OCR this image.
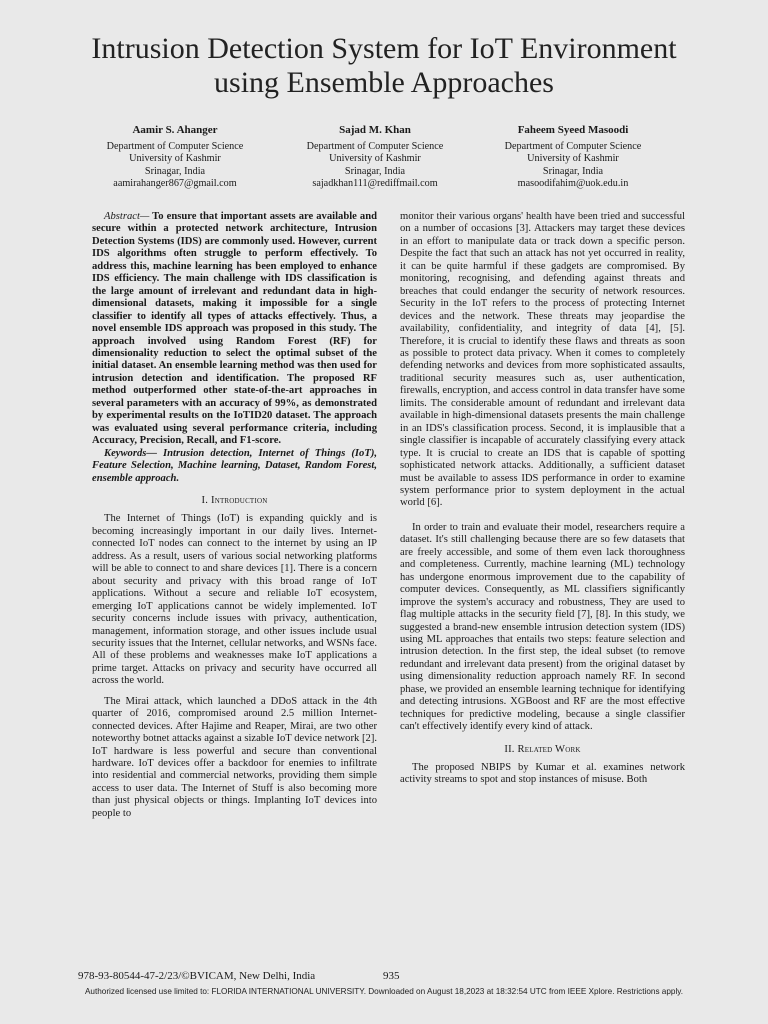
Intrusion Detection System for IoT Environment
using Ensemble Approaches
Aamir S. Ahanger
Department of Computer Science
University of Kashmir
Srinagar, India
aamirahanger867@gmail.com
Sajad M. Khan
Department of Computer Science
University of Kashmir
Srinagar, India
sajadkhan111@rediffmail.com
Faheem Syeed Masoodi
Department of Computer Science
University of Kashmir
Srinagar, India
masoodifahim@uok.edu.in

Abstract— To ensure that important assets are available and secure within a protected network architecture, Intrusion Detection Systems (IDS) are commonly used. However, current IDS algorithms often struggle to perform effectively. To address this, machine learning has been employed to enhance IDS efficiency. The main challenge with IDS classification is the large amount of irrelevant and redundant data in high-dimensional datasets, making it impossible for a single classifier to identify all types of attacks effectively. Thus, a novel ensemble IDS approach was proposed in this study. The approach involved using Random Forest (RF) for dimensionality reduction to select the optimal subset of the initial dataset. An ensemble learning method was then used for intrusion detection and identification. The proposed RF method outperformed other state-of-the-art approaches in several parameters with an accuracy of 99%, as demonstrated by experimental results on the IoTID20 dataset. The approach was evaluated using several performance criteria, including Accuracy, Precision, Recall, and F1-score.

Keywords— Intrusion detection, Internet of Things (IoT), Feature Selection, Machine learning, Dataset, Random Forest, ensemble approach.

I. Introduction

The Internet of Things (IoT) is expanding quickly and is becoming increasingly important in our daily lives. Internet-connected IoT nodes can connect to the internet by using an IP address. As a result, users of various social networking platforms will be able to connect to and share devices [1]. There is a concern about security and privacy with this broad range of IoT applications. Without a secure and reliable IoT ecosystem, emerging IoT applications cannot be widely implemented. IoT security concerns include issues with privacy, authentication, management, information storage, and other issues include usual security issues that the Internet, cellular networks, and WSNs face. All of these problems and weaknesses make IoT applications a prime target. Attacks on privacy and security have occurred all across the world.

The Mirai attack, which launched a DDoS attack in the 4th quarter of 2016, compromised around 2.5 million Internet-connected devices. After Hajime and Reaper, Mirai, are two other noteworthy botnet attacks against a sizable IoT device network [2]. IoT hardware is less powerful and secure than conventional hardware. IoT devices offer a backdoor for enemies to infiltrate into residential and commercial networks, providing them simple access to user data. The Internet of Stuff is also becoming more than just physical objects or things. Implanting IoT devices into people to

monitor their various organs' health have been tried and successful on a number of occasions [3]. Attackers may target these devices in an effort to manipulate data or track down a specific person. Despite the fact that such an attack has not yet occurred in reality, it can be quite harmful if these gadgets are compromised. By monitoring, recognising, and defending against threats and breaches that could endanger the security of network resources. Security in the IoT refers to the process of protecting Internet devices and the network. These threats may jeopardise the availability, confidentiality, and integrity of data [4], [5]. Therefore, it is crucial to identify these flaws and threats as soon as possible to protect data privacy. When it comes to completely defending networks and devices from more sophisticated assaults, traditional security measures such as, user authentication, firewalls, encryption, and access control in data transfer have some limits. The considerable amount of redundant and irrelevant data available in high-dimensional datasets presents the main challenge in an IDS's classification process. Second, it is implausible that a single classifier is incapable of accurately classifying every attack type. It is crucial to create an IDS that is capable of spotting sophisticated network attacks. Additionally, a sufficient dataset must be available to assess IDS performance in order to examine system performance prior to system deployment in the actual world [6].

In order to train and evaluate their model, researchers require a dataset. It's still challenging because there are so few datasets that are freely accessible, and some of them even lack thoroughness and completeness. Currently, machine learning (ML) technology has undergone enormous improvement due to the capability of computer devices. Consequently, as ML classifiers significantly improve the system's accuracy and robustness, They are used to flag multiple attacks in the security field [7], [8]. In this study, we suggested a brand-new ensemble intrusion detection system (IDS) using ML approaches that entails two steps: feature selection and intrusion detection. In the first step, the ideal subset (to remove redundant and irrelevant data present) from the original dataset by using dimensionality reduction approach namely RF. In second phase, we provided an ensemble learning technique for identifying and detecting intrusions. XGBoost and RF are the most effective techniques for predictive modeling, because a single classifier can't effectively identify every kind of attack.

II. Related Work

The proposed NBIPS by Kumar et al. examines network activity streams to spot and stop instances of misuse. Both

978-93-80544-47-2/23/©BVICAM, New Delhi, India	935
Authorized licensed use limited to: FLORIDA INTERNATIONAL UNIVERSITY. Downloaded on August 18,2023 at 18:32:54 UTC from IEEE Xplore. Restrictions apply.
